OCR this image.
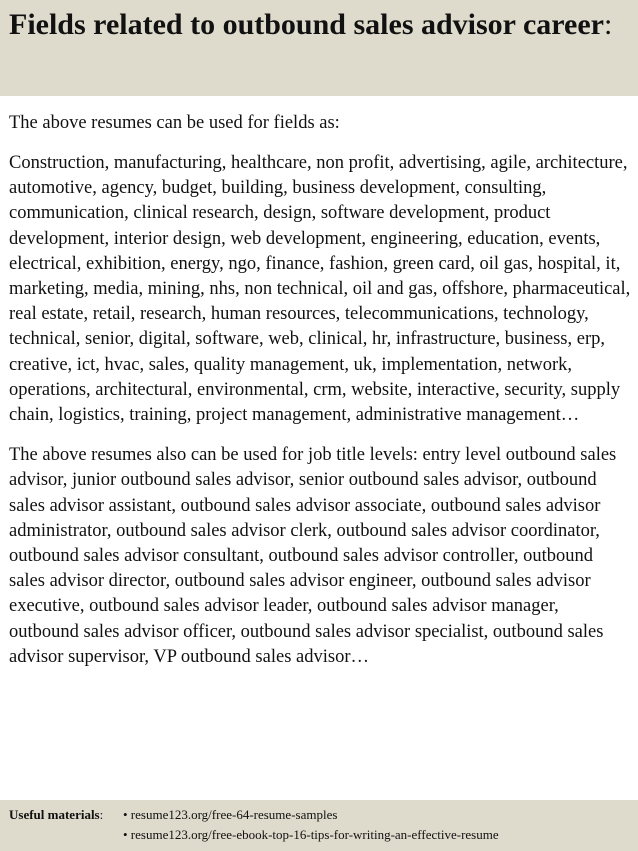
Fields related to outbound sales advisor career:

The above resumes can be used for fields as:

Construction, manufacturing, healthcare, non profit, advertising, agile, architecture, automotive, agency, budget, building, business development, consulting, communication, clinical research, design, software development, product development, interior design, web development, engineering, education, events, electrical, exhibition, energy, ngo, finance, fashion, green card, oil gas, hospital, it, marketing, media, mining, nhs, non technical, oil and gas, offshore, pharmaceutical, real estate, retail, research, human resources, telecommunications, technology, technical, senior, digital, software, web, clinical, hr, infrastructure, business, erp, creative, ict, hvac, sales, quality management, uk, implementation, network, operations, architectural, environmental, crm, website, interactive, security, supply chain, logistics, training, project management, administrative management…

The above resumes also can be used for job title levels: entry level outbound sales advisor, junior outbound sales advisor, senior outbound sales advisor, outbound sales advisor assistant, outbound sales advisor associate, outbound sales advisor administrator, outbound sales advisor clerk, outbound sales advisor coordinator, outbound sales advisor consultant, outbound sales advisor controller, outbound sales advisor director, outbound sales advisor engineer, outbound sales advisor executive, outbound sales advisor leader, outbound sales advisor manager, outbound sales advisor officer, outbound sales advisor specialist, outbound sales advisor supervisor, VP outbound sales advisor…

Useful materials:	• resume123.org/free-64-resume-samples
• resume123.org/free-ebook-top-16-tips-for-writing-an-effective-resume
